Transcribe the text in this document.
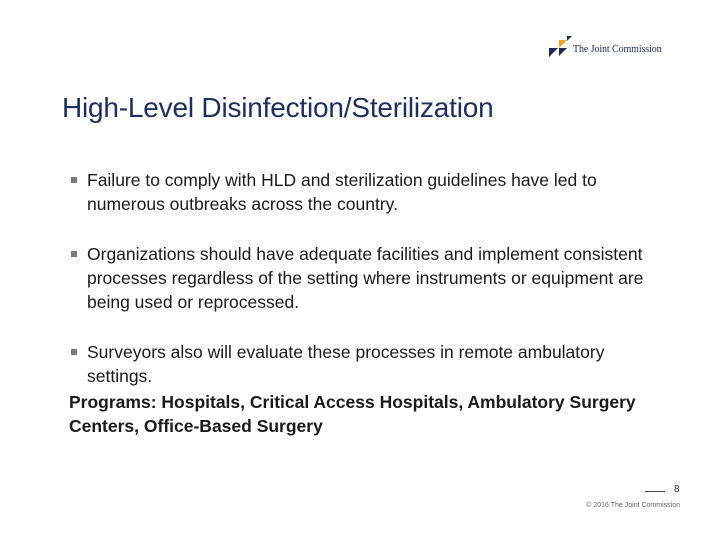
The Joint Commission
High-Level Disinfection/Sterilization
Failure to comply with HLD and sterilization guidelines have led to numerous outbreaks across the country.
Organizations should have adequate facilities and implement consistent processes regardless of the setting where instruments or equipment are being used or reprocessed.
Surveyors also will evaluate these processes in remote ambulatory settings.

Programs: Hospitals, Critical Access Hospitals, Ambulatory Surgery Centers, Office-Based Surgery

8
© 2016 The Joint Commission
